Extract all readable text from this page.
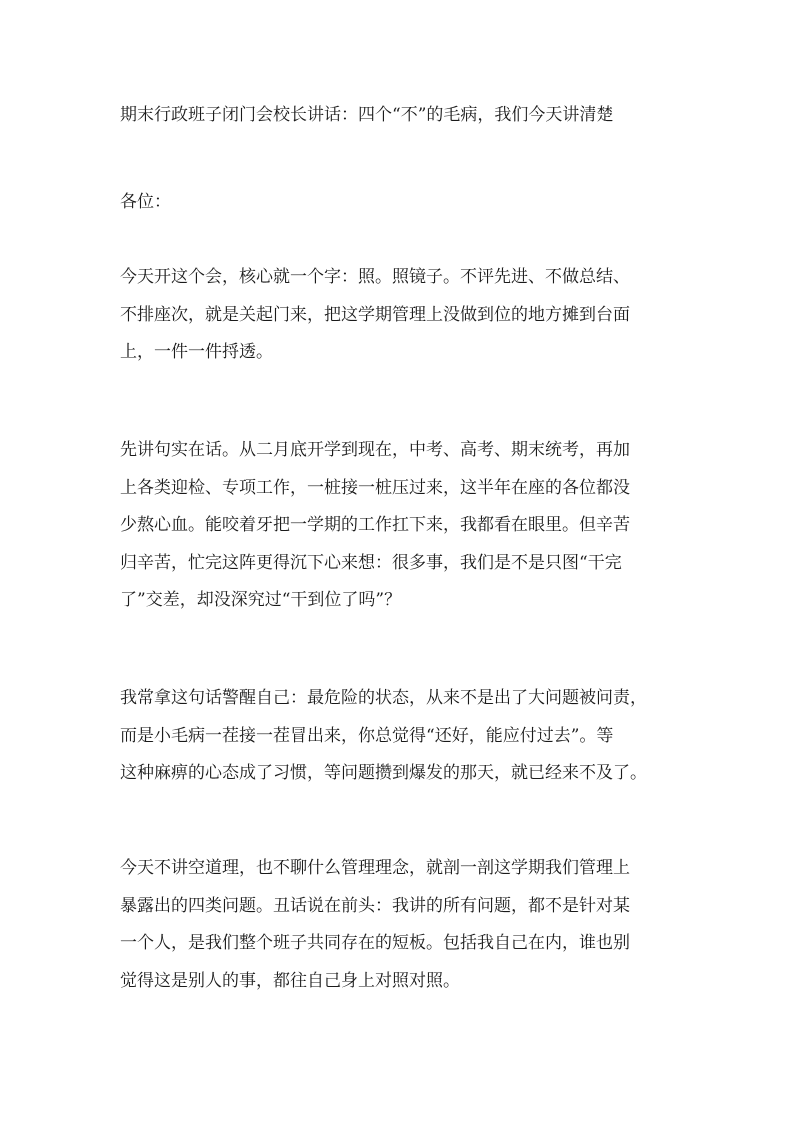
期末行政班子闭门会校长讲话：四个“不”的毛病，我们今天讲清楚
各位：
今天开这个会，核心就一个字：照。照镜子。不评先进、不做总结、
不排座次，就是关起门来，把这学期管理上没做到位的地方摊到台面
上，一件一件捋透。
先讲句实在话。从二月底开学到现在，中考、高考、期末统考，再加
上各类迎检、专项工作，一桩接一桩压过来，这半年在座的各位都没
少熬心血。能咬着牙把一学期的工作扛下来，我都看在眼里。但辛苦
归辛苦，忙完这阵更得沉下心来想：很多事，我们是不是只图“干完
了”交差，却没深究过“干到位了吗”？
我常拿这句话警醒自己：最危险的状态，从来不是出了大问题被问责，
而是小毛病一茬接一茬冒出来，你总觉得“还好，能应付过去”。等
这种麻痹的心态成了习惯，等问题攒到爆发的那天，就已经来不及了。
今天不讲空道理，也不聊什么管理理念，就剖一剖这学期我们管理上
暴露出的四类问题。丑话说在前头：我讲的所有问题，都不是针对某
一个人，是我们整个班子共同存在的短板。包括我自己在内，谁也别
觉得这是别人的事，都往自己身上对照对照。
